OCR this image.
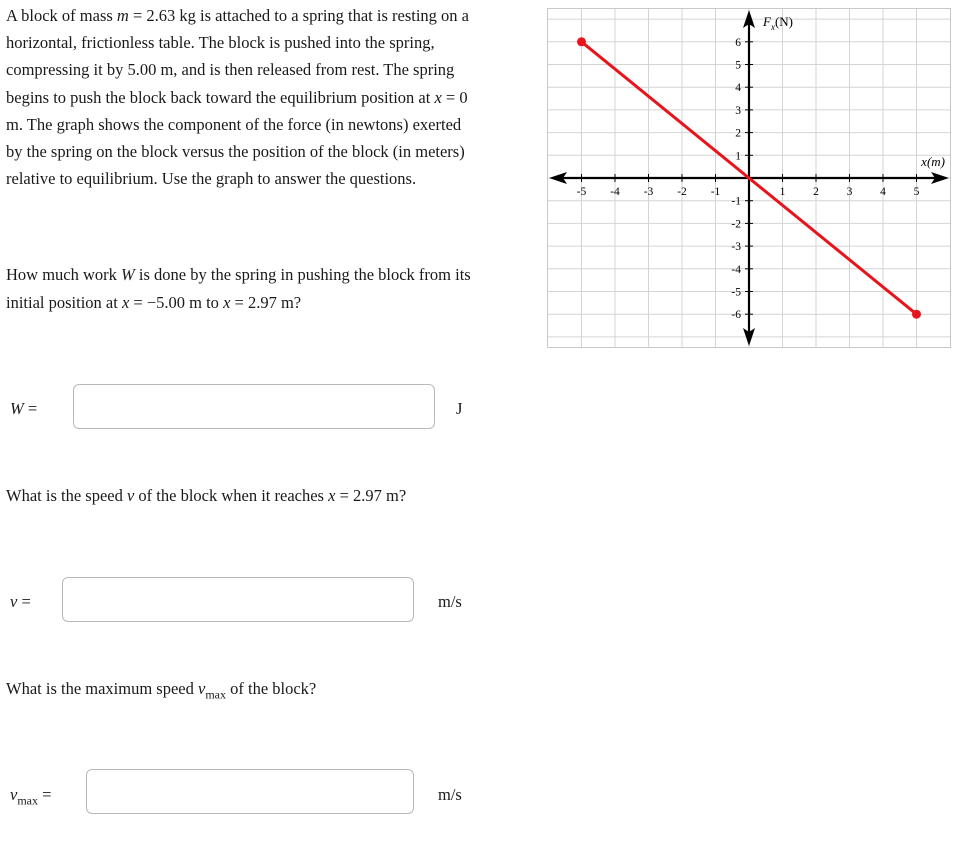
A block of mass m = 2.63 kg is attached to a spring that is resting on a horizontal, frictionless table. The block is pushed into the spring, compressing it by 5.00 m, and is then released from rest. The spring begins to push the block back toward the equilibrium position at x = 0 m. The graph shows the component of the force (in newtons) exerted by the spring on the block versus the position of the block (in meters) relative to equilibrium. Use the graph to answer the questions.

How much work W is done by the spring in pushing the block from its initial position at x = −5.00 m to x = 2.97 m?

W =	J

What is the speed v of the block when it reaches x = 2.97 m?

v =	m/s

What is the maximum speed $v_{max}$ of the block?

$v_{max}$ =	m/s
-5 -4 -3 -2 -1	1 2 3 4 5
-6
-5
-4
-3
-2
-1
1
2
3
4
5
6
$F_x(N)$
x(m)
